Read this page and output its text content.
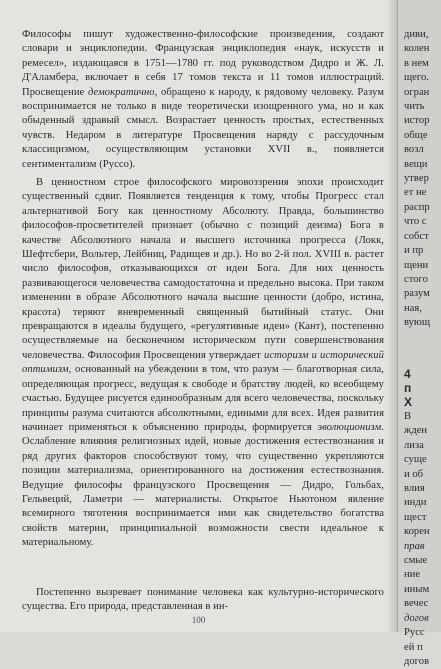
Философы пишут художественно-философские произведения, создают словари и энциклопедии. Французская энциклопедия «наук, искусств и ремесел», издающаяся в 1751—1780 гг. под руководством Дидро и Ж. Л. Д'Аламбера, включает в себя 17 томов текста и 11 томов иллюстраций. Просвещение демократично, обращено к народу, к рядовому человеку. Разум воспринимается не только в виде теоретически изощренного ума, но и как обыденный здравый смысл. Возрастает ценность простых, естественных чувств. Недаром в литературе Просвещения наряду с рассудочным классицизмом, осуществляющим установки XVII в., появляется сентиментализм (Руссо).
В ценностном строе философского мировоззрения эпохи происходит существенный сдвиг. Появляется тенденция к тому, чтобы Прогресс стал альтернативой Богу как ценностному Абсолюту. Правда, большинство философов-просветителей признает (обычно с позиций деизма) Бога в качестве Абсолютного начала и высшего источника прогресса (Локк, Шефтсбери, Вольтер, Лейбниц, Радищев и др.). Но во 2-й пол. XVIII в. растет число философов, отказывающихся от идеи Бога. Для них ценность развивающегося человечества самодостаточна и предельно высока. При таком изменении в образе Абсолютного начала высшие ценности (добро, истина, красота) теряют вневременный священный бытийный статус. Они превращаются в идеалы будущего, «регулятивные идеи» (Кант), постепенно осуществляемые на бесконечном историческом пути совершенствования человечества. Философия Просвещения утверждает историзм и исторический оптимизм, основанный на убеждении в том, что разум — благотворная сила, определяющая прогресс, ведущая к свободе и братству людей, ко всеобщему счастью. Будущее рисуется единообразным для всего человечества, поскольку принципы разума считаются абсолютными, едиными для всех. Идея развития начинает применяться к объяснению природы, формируется эволюционизм. Ослабление влияния религиозных идей, новые достижения естествознания и ряд других факторов способствуют тому, что существенно укрепляются позиции материализма, ориентированного на достижения естествознания. Ведущие философы французского Просвещения — Дидро, Гольбах, Гельвеций, Ламетри — материалисты. Открытое Ньютоном явление всемирного тяготения воспринимается ими как свидетельство богатства свойств материи, принципиальной возможности свести идеальное к материальному.
Постепенно вызревает понимание человека как культурно-исторического существа. Его природа, представленная в ин-
100
диви,
колен
в нем
щего.
огран
чить
истор
обще
возл
вещи
утвер
ет не
распр
что с
собст
и пр
щени
стого
разум
ная,
вующ
4
п
Х
В
жден
лиза
суще
и об
влия
инди
щест
корен
прав
смые
ние
иным
вечес
догов
Русс
ей п
догов
